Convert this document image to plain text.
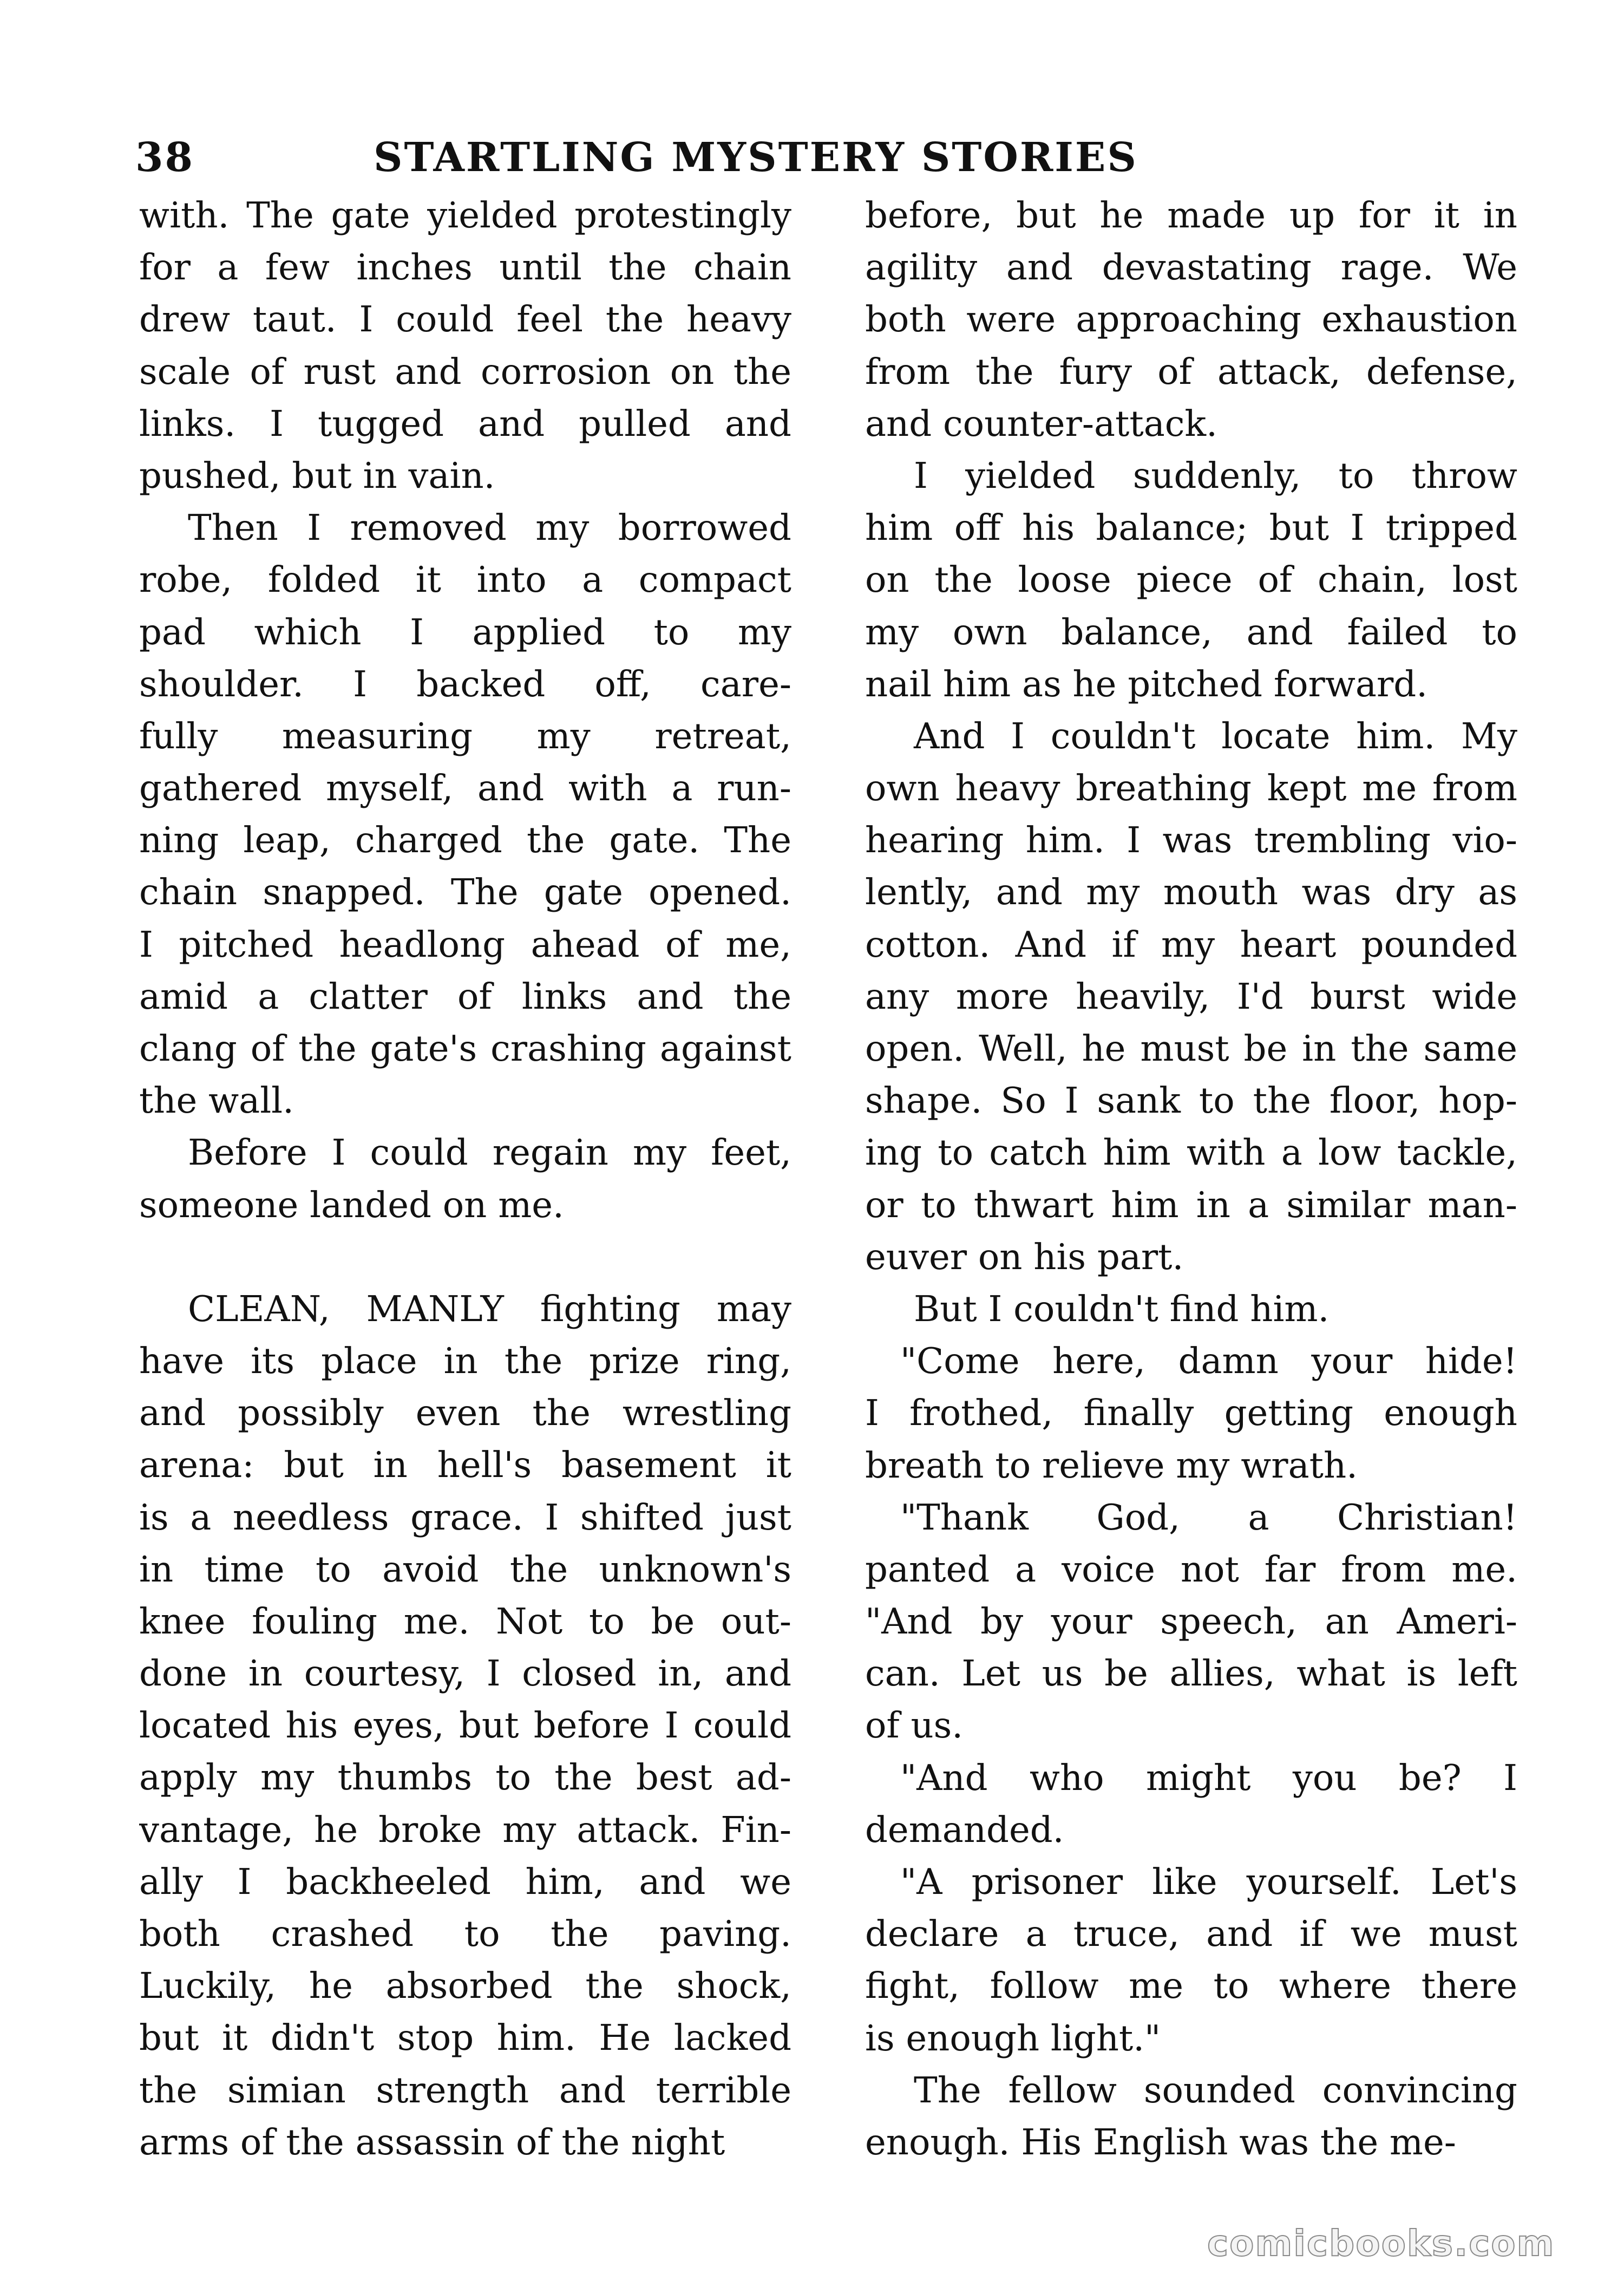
38	STARTLING MYSTERY STORIES
with. The gate yielded protestingly
for a few inches until the chain
drew taut. I could feel the heavy
scale of rust and corrosion on the
links. I tugged and pulled and
pushed, but in vain.
Then I removed my borrowed
robe, folded it into a compact
pad which I applied to my
shoulder. I backed off, care-
fully measuring my retreat,
gathered myself, and with a run-
ning leap, charged the gate. The
chain snapped. The gate opened.
I pitched headlong ahead of me,
amid a clatter of links and the
clang of the gate's crashing against
the wall.
Before I could regain my feet,
someone landed on me.
CLEAN, MANLY fighting may
have its place in the prize ring,
and possibly even the wrestling
arena: but in hell's basement it
is a needless grace. I shifted just
in time to avoid the unknown's
knee fouling me. Not to be out-
done in courtesy, I closed in, and
located his eyes, but before I could
apply my thumbs to the best ad-
vantage, he broke my attack. Fin-
ally I backheeled him, and we
both crashed to the paving.
Luckily, he absorbed the shock,
but it didn't stop him. He lacked
the simian strength and terrible
arms of the assassin of the night
before, but he made up for it in
agility and devastating rage. We
both were approaching exhaustion
from the fury of attack, defense,
and counter-attack.
I yielded suddenly, to throw
him off his balance; but I tripped
on the loose piece of chain, lost
my own balance, and failed to
nail him as he pitched forward.
And I couldn't locate him. My
own heavy breathing kept me from
hearing him. I was trembling vio-
lently, and my mouth was dry as
cotton. And if my heart pounded
any more heavily, I'd burst wide
open. Well, he must be in the same
shape. So I sank to the floor, hop-
ing to catch him with a low tackle,
or to thwart him in a similar man-
euver on his part.
But I couldn't find him.
"Come here, damn your hide!
I frothed, finally getting enough
breath to relieve my wrath.
"Thank God, a Christian!
panted a voice not far from me.
"And by your speech, an Ameri-
can. Let us be allies, what is left
of us.
"And who might you be? I
demanded.
"A prisoner like yourself. Let's
declare a truce, and if we must
fight, follow me to where there
is enough light."
The fellow sounded convincing
enough. His English was the me-
comicbooks.com
